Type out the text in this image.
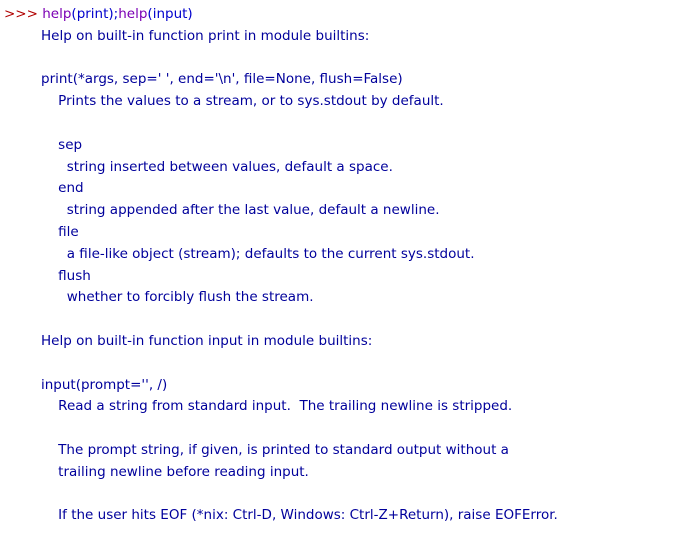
>>> help(print);help(input)
Help on built-in function print in module builtins:
print(*args, sep=' ', end='\n', file=None, flush=False)
Prints the values to a stream, or to sys.stdout by default.
sep
string inserted between values, default a space.
end
string appended after the last value, default a newline.
file
a file-like object (stream); defaults to the current sys.stdout.
flush
whether to forcibly flush the stream.
Help on built-in function input in module builtins:
input(prompt='', /)
Read a string from standard input.  The trailing newline is stripped.
The prompt string, if given, is printed to standard output without a
trailing newline before reading input.
If the user hits EOF (*nix: Ctrl-D, Windows: Ctrl-Z+Return), raise EOFError.
